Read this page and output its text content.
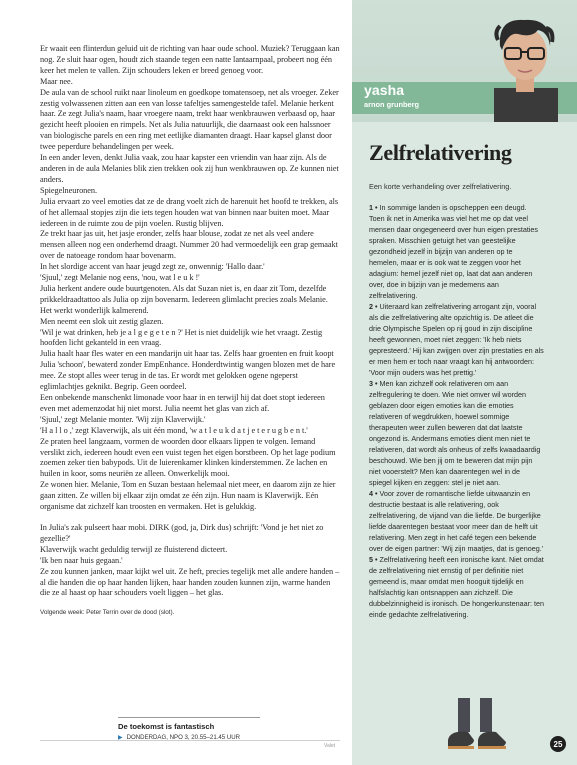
Er waait een flinterdun geluid uit de richting van haar oude school. Muziek? Teruggaan kan nog. Ze sluit haar ogen, houdt zich staande tegen een natte lantaarnpaal, probeert nog één keer het melen te vallen. Zijn schouders leken er breed genoeg voor.

Maar nee.

De aula van de school ruikt naar linoleum en goedkope tomatensoep, net als vroeger. Zeker zestig volwassenen zitten aan een van losse tafeltjes samengestelde tafel. Melanie herkent haar. Ze zegt Julia's naam, haar vroegere naam, trekt haar wenkbrauwen verbaasd op, haar gezicht heeft plooien en rimpels. Net als Julia natuurlijk, die daarnaast ook een halssnoer van biologische parels en een ring met eetlijke diamanten draagt. Haar kapsel glanst door twee peperdure behandelingen per week.

In een ander leven, denkt Julia vaak, zou haar kapster een vriendin van haar zijn. Als de anderen in de aula Melanies blik zien trekken ook zij hun wenkbrauwen op. Ze kunnen niet anders.

Spiegelneuronen.

Julia ervaart zo veel emoties dat ze de drang voelt zich de harenuit het hoofd te trekken, als of het allemaal stopjes zijn die iets tegen houden wat van binnen naar buiten moet. Maar iedereen in de ruimte zou de pijn voelen. Rustig blijven.

Ze trekt haar jas uit, het jasje eronder, zelfs haar blouse, zodat ze net als veel andere mensen alleen nog een onderhemd draagt. Nummer 20 had vermoedelijk een grap gemaakt over de natoeage rondom haar bovenarm.

In het slordige accent van haar jeugd zegt ze, onwennig: 'Hallo daar.'

'Sjuul,' zegt Melanie nog eens, 'nou, wat l e u k !'

Julia herkent andere oude buurtgenoten. Als dat Suzan niet is, en daar zit Tom, dezelfde prikkeldraadtattoo als Julia op zijn bovenarm. Iedereen glimlacht precies zoals Melanie. Het werkt wonderlijk kalmerend.

Men neemt een slok uit zestig glazen.

'Wil je wat drinken, heb je a l g e g e t e n ?' Het is niet duidelijk wie het vraagt. Zestig hoofden licht gekanteld in een vraag.

Julia haalt haar fles water en een mandarijn uit haar tas. Zelfs haar groenten en fruit koopt Julia 'schoon', bewaterd zonder EmpEnhance. Honderdtwintig wangen blozen met de hare mee. Ze stopt alles weer terug in de tas. Er wordt met gelokken ogene ngeperst eglimlachtjes geknikt. Begrip. Geen oordeel.

Een onbekende manschenkt limonade voor haar in en terwijl hij dat doet stopt iedereen even met ademenzodat hij niet morst. Julia neemt het glas van zich af.

'Sjuul,' zegt Melanie monter. 'Wij zijn Klaverwijk.'

'H a l l o ,' zegt Klaverwijk, als uit één mond, 'w a t l e u k d a t j e t e r u g b e n t.'

Ze praten heel langzaam, vormen de woorden door elkaars lippen te volgen. Iemand verslikt zich, iedereen houdt even een vuist tegen het eigen borstbeen. Op het lage podium zoemen zeker tien babypods. Uit de luierenkamer klinken kinderstemmen. Ze lachen en huilen in koor, soms neuriën ze alleen. Onwerkelijk mooi.

Ze wonen hier. Melanie, Tom en Suzan bestaan helemaal niet meer, en daarom zijn ze hier gaan zitten. Ze willen bij elkaar zijn omdat ze één zijn. Hun naam is Klaverwijk. Eén organisme dat zichzelf kan troosten en vermaken. Het is gelukkig.

In Julia's zak pulseert haar mobi. DIRK (god, ja, Dirk dus) schrijft: 'Vond je het niet zo gezellie?'

Klaverwijk wacht geduldig terwijl ze fluisterend dicteert.

'Ik ben naar huis gegaan.'

Ze zou kunnen janken, maar kijkt wel uit. Ze heft, precies tegelijk met alle andere handen – al die handen die op haar handen lijken, haar handen zouden kunnen zijn, warme handen die ze al haast op haar schouders voelt liggen – het glas.

Volgende week: Peter Terrin over de dood (slot).

De toekomst is fantastisch
▶ DONDERDAG, NPO 3, 20.55–21.45 UUR
Valet
yasha
arnon grunberg
Zelfrelativering
Een korte verhandeling over zelfrelativering.

1 • In sommige landen is opscheppen een deugd. Toen ik net in Amerika was viel het me op dat veel mensen daar ongegeneerd over hun eigen prestaties spraken. Misschien getuigt het van geestelijke gezondheid jezelf in bijzijn van anderen op te hemelen, maar er is ook wat te zeggen voor het adagium: hemel jezelf niet op, laat dat aan anderen over, doe in bijzijn van je medemens aan zelfrelativering.

2 • Uiteraard kan zelfrelativering arrogant zijn, vooral als die zelfrelativering alte opzichtig is. De atleet die drie Olympische Spelen op rij goud in zijn discipline heeft gewonnen, moet niet zeggen: 'Ik heb niets gepresteerd.' Hij kan zwijgen over zijn prestaties en als er men hem er toch naar vraagt kan hij antwoorden: 'Voor mijn ouders was het prettig.'

3 • Men kan zichzelf ook relativeren om aan zelfregulering te doen. Wie niet omver wil worden geblazen door eigen emoties kan die emoties relativeren of wegdrukken, hoewel sommige therapeuten weer zullen beweren dat dat laatste ongezond is. Andermans emoties dient men niet te relativeren, dat wordt als onheus of zelfs kwaadaardig beschouwd. Wie ben jij om te beweren dat mijn pijn niet vooerstelt? Men kan daarentegen wel in de spiegel kijken en zeggen: stel je niet aan.

4 • Voor zover de romantische liefde uitwaanzin en destructie bestaat is alle relativering, ook zelfrelativering, de vijand van die liefde. De burgerlijke liefde daarentegen bestaat voor meer dan de helft uit relativering. Men zegt in het café tegen een bekende over de eigen partner: 'Wij zijn maatjes, dat is genoeg.'

5 • Zelfrelativering heeft een ironische kant. Niet omdat de zelfrelativering niet ernstig of per definitie niet gemeend is, maar omdat men hooguit tijdelijk en halfslachtig kan ontsnappen aan zichzelf. Die dubbelzinnigheid is ironisch. De hongerkunstenaar: ten einde gedachte zelfrelativering.

25
